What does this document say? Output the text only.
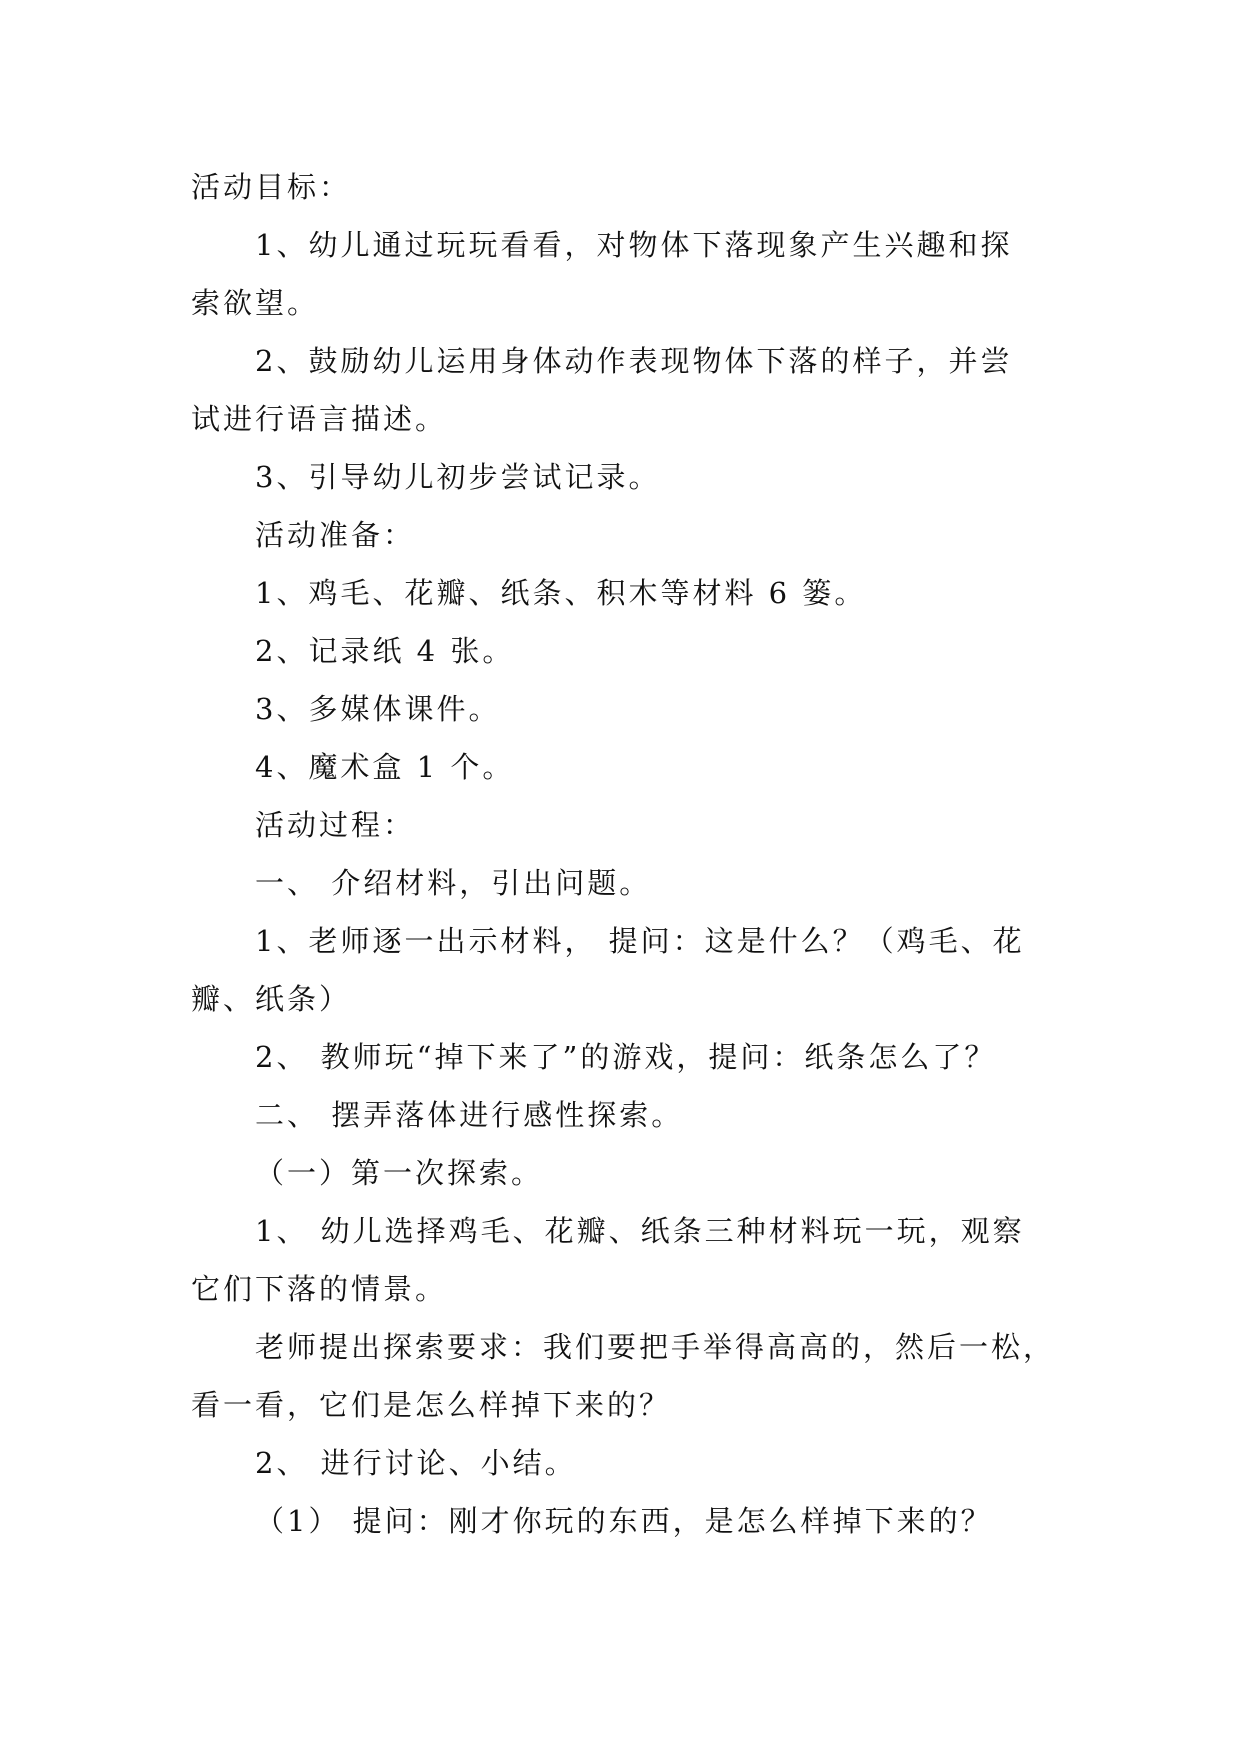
活动目标：
1、幼儿通过玩玩看看，对物体下落现象产生兴趣和探
索欲望。
2、鼓励幼儿运用身体动作表现物体下落的样子，并尝
试进行语言描述。
3、引导幼儿初步尝试记录。
活动准备：
1、鸡毛、花瓣、纸条、积木等材料 6 篓。
2、记录纸 4 张。
3、多媒体课件。
4、魔术盒 1 个。
活动过程：
一、 介绍材料，引出问题。
1、老师逐一出示材料， 提问：这是什么？（鸡毛、花
瓣、纸条）
2、 教师玩“掉下来了”的游戏，提问：纸条怎么了？
二、 摆弄落体进行感性探索。
（一）第一次探索。
1、 幼儿选择鸡毛、花瓣、纸条三种材料玩一玩，观察
它们下落的情景。
老师提出探索要求：我们要把手举得高高的，然后一松，
看一看，它们是怎么样掉下来的？
2、 进行讨论、小结。
（1） 提问：刚才你玩的东西，是怎么样掉下来的？
